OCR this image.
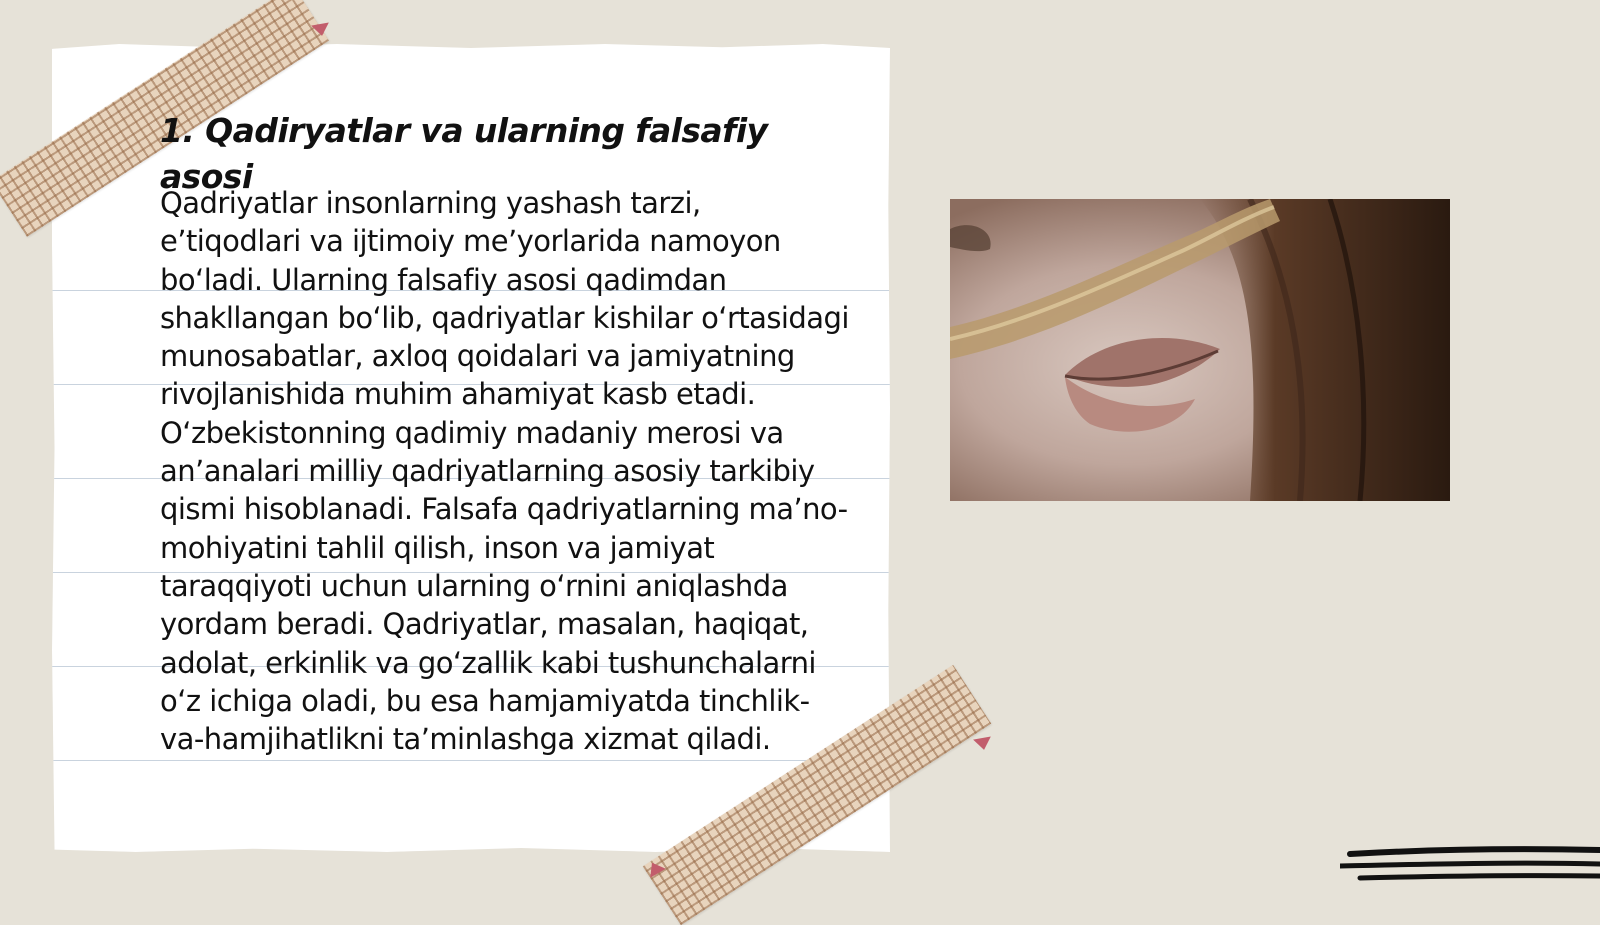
1. Qadiryatlar va ularning falsafiy asosi

Qadriyatlar insonlarning yashash tarzi, e’tiqodlari va ijtimoiy me’yorlarida namoyon bo‘ladi. Ularning falsafiy asosi qadimdan shakllangan bo‘lib, qadriyatlar kishilar o‘rtasidagi munosabatlar, axloq qoidalari va jamiyatning rivojlanishida muhim ahamiyat kasb etadi. O‘zbekistonning qadimiy madaniy merosi va an’analari milliy qadriyatlarning asosiy tarkibiy qismi hisoblanadi. Falsafa qadriyatlarning ma’no-mohiyatini tahlil qilish, inson va jamiyat taraqqiyoti uchun ularning o‘rnini aniqlashda yordam beradi. Qadriyatlar, masalan, haqiqat, adolat, erkinlik va go‘zallik kabi tushunchalarni o‘z ichiga oladi, bu esa hamjamiyatda tinchlik-va-hamjihatlikni ta’minlashga xizmat qiladi.
